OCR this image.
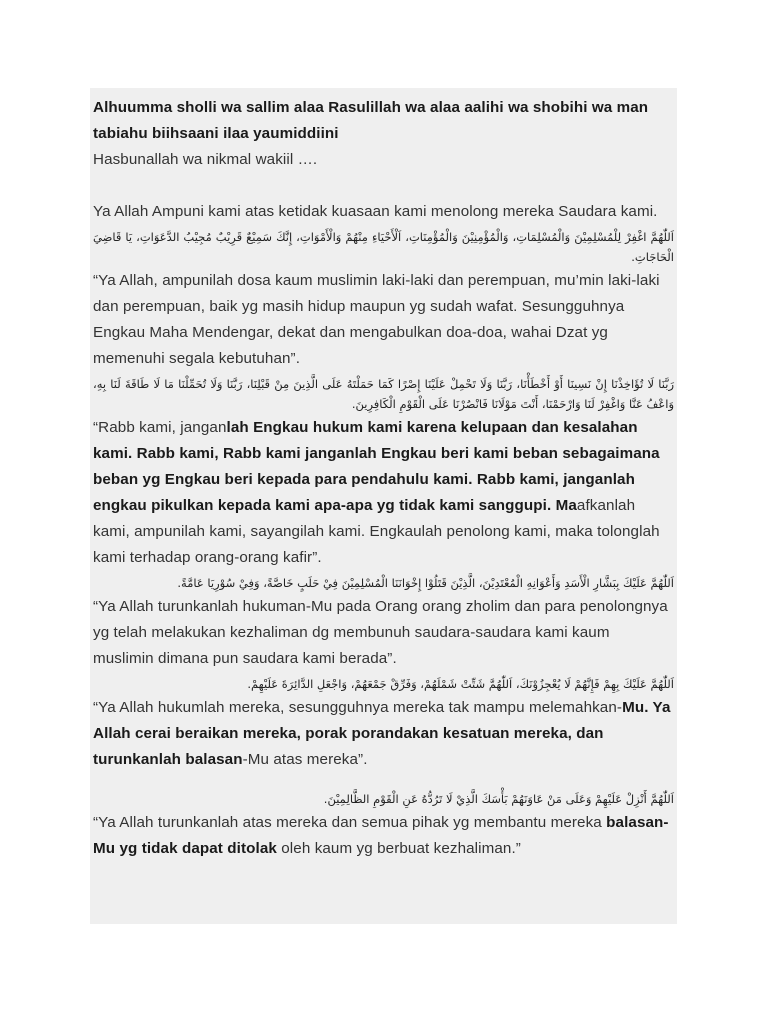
Alhuumma sholli wa sallim alaa Rasulillah wa alaa aalihi wa shobihi wa man tabiahu biihsaani ilaa yaumiddiini

Hasbunallah wa nikmal wakiil ….

Ya Allah Ampuni kami atas ketidak kuasaan kami menolong mereka Saudara kami.

اَللّٰهُمَّ اغْفِرْ لِلْمُسْلِمِيْنَ وَالْمُسْلِمَاتِ، وَالْمُؤْمِنِيْنَ وَالْمُؤْمِنَاتِ، اَلْأَحْيَاءِ مِنْهُمْ وَالْأَمْوَاتِ، إِنَّكَ سَمِيْعٌ قَرِيْبٌ مُجِيْبُ الدَّعَوَاتِ، يَا قَاضِيَ الْحَاجَاتِ.

“Ya Allah, ampunilah dosa kaum muslimin laki-laki dan perempuan, mu’min laki-laki dan perempuan, baik yg masih hidup maupun yg sudah wafat. Sesungguhnya Engkau Maha Mendengar, dekat dan mengabulkan doa-doa, wahai Dzat yg memenuhi segala kebutuhan”.

رَبَّنَا لَا تُؤَاخِذْنَا إِنْ نَسِينَا أَوْ أَخْطَأْنَا، رَبَّنَا وَلَا تَحْمِلْ عَلَيْنَا إِصْرًا كَمَا حَمَلْتَهُ عَلَى الَّذِينَ مِنْ قَبْلِنَا، رَبَّنَا وَلَا تُحَمِّلْنَا مَا لَا طَاقَةَ لَنَا بِهِ، وَاعْفُ عَنَّا وَاغْفِرْ لَنَا وَارْحَمْنَا، أَنْتَ مَوْلَانَا فَانْصُرْنَا عَلَى الْقَوْمِ الْكَافِرِينَ.

“Rabb kami, janganlah Engkau hukum kami karena kelupaan dan kesalahan kami. Rabb kami, Rabb kami janganlah Engkau beri kami beban sebagaimana beban yg Engkau beri kepada para pendahulu kami. Rabb kami, janganlah engkau pikulkan kepada kami apa-apa yg tidak kami sanggupi. Maafkanlah kami, ampunilah kami, sayangilah kami. Engkaulah penolong kami, maka tolonglah kami terhadap orang-orang kafir”.

اَللّٰهُمَّ عَلَيْكَ بِبَشَّارِ الْأَسَدِ وَأَعْوَانِهِ الْمُعْتَدِيْنَ، الَّذِيْنَ قَتَلُوْا إِخْوَانَنَا الْمُسْلِمِيْنَ فِيْ حَلَبٍ خَاصَّةً، وَفِيْ سُوْرِيَا عَامَّةً.

“Ya Allah turunkanlah hukuman-Mu pada Orang orang zholim dan para penolongnya yg telah melakukan kezhaliman dg membunuh saudara-saudara kami kaum muslimin dimana pun saudara kami berada”.

اَللّٰهُمَّ عَلَيْكَ بِهِمْ فَإِنَّهُمْ لَا يُعْجِزُوْنَكَ، اَللّٰهُمَّ شَتِّتْ شَمْلَهُمْ، وَفَرِّقْ جَمْعَهُمْ، وَاجْعَلِ الدَّائِرَةَ عَلَيْهِمْ.

“Ya Allah hukumlah mereka, sesungguhnya mereka tak mampu melemahkan-Mu. Ya Allah cerai beraikan mereka, porak porandakan kesatuan mereka, dan turunkanlah balasan-Mu atas mereka”.

اَللّٰهُمَّ أَنْزِلْ عَلَيْهِمْ وَعَلَى مَنْ عَاوَنَهُمْ بَأْسَكَ الَّذِيْ لَا تَرُدُّهُ عَنِ الْقَوْمِ الظَّالِمِيْنَ.

“Ya Allah turunkanlah atas mereka dan semua pihak yg membantu mereka balasan-Mu yg tidak dapat ditolak oleh kaum yg berbuat kezhaliman.”
